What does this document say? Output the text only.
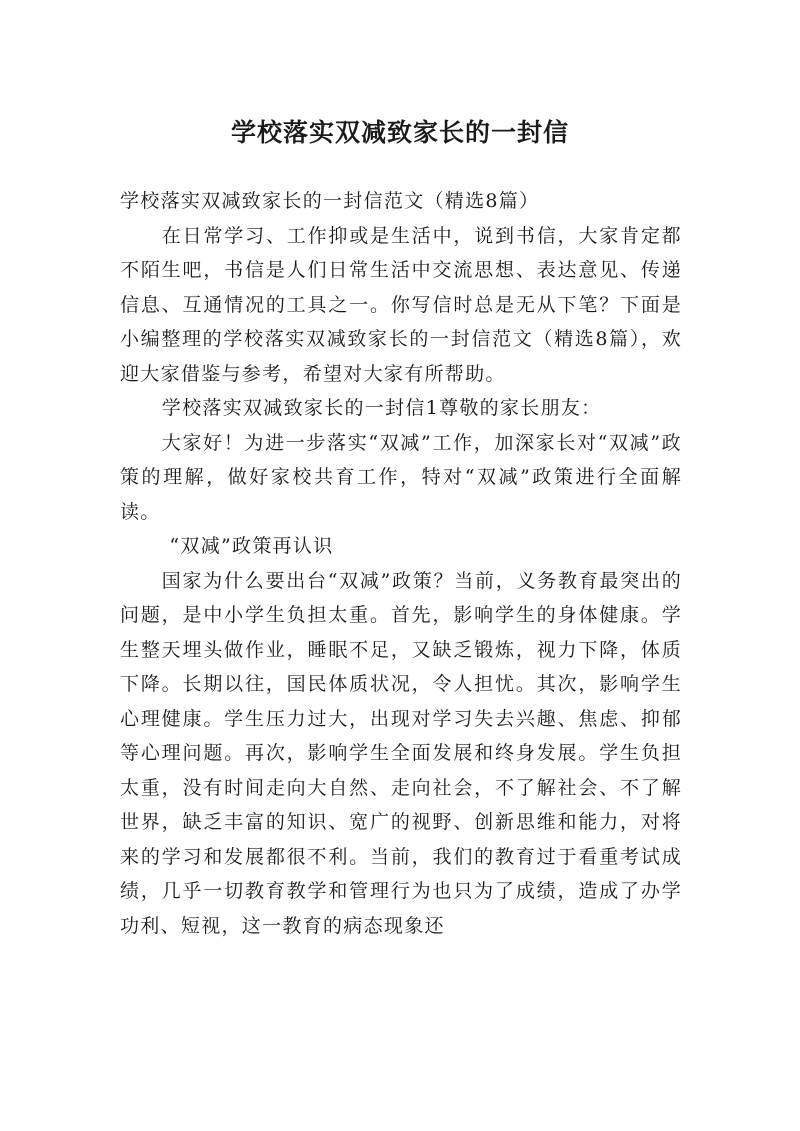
学校落实双减致家长的一封信

学校落实双减致家长的一封信范文（精选8篇）

在日常学习、工作抑或是生活中，说到书信，大家肯定都不陌生吧，书信是人们日常生活中交流思想、表达意见、传递信息、互通情况的工具之一。你写信时总是无从下笔？下面是小编整理的学校落实双减致家长的一封信范文（精选8篇），欢迎大家借鉴与参考，希望对大家有所帮助。

学校落实双减致家长的一封信1尊敬的家长朋友：

大家好！为进一步落实“双减”工作，加深家长对“双减”政策的理解，做好家校共育工作，特对“双减”政策进行全面解读。

“双减”政策再认识

国家为什么要出台“双减”政策？当前，义务教育最突出的问题，是中小学生负担太重。首先，影响学生的身体健康。学生整天埋头做作业，睡眠不足，又缺乏锻炼，视力下降，体质下降。长期以往，国民体质状况，令人担忧。其次，影响学生心理健康。学生压力过大，出现对学习失去兴趣、焦虑、抑郁等心理问题。再次，影响学生全面发展和终身发展。学生负担太重，没有时间走向大自然、走向社会，不了解社会、不了解世界，缺乏丰富的知识、宽广的视野、创新思维和能力，对将来的学习和发展都很不利。当前，我们的教育过于看重考试成绩，几乎一切教育教学和管理行为也只为了成绩，造成了办学功利、短视，这一教育的病态现象还
